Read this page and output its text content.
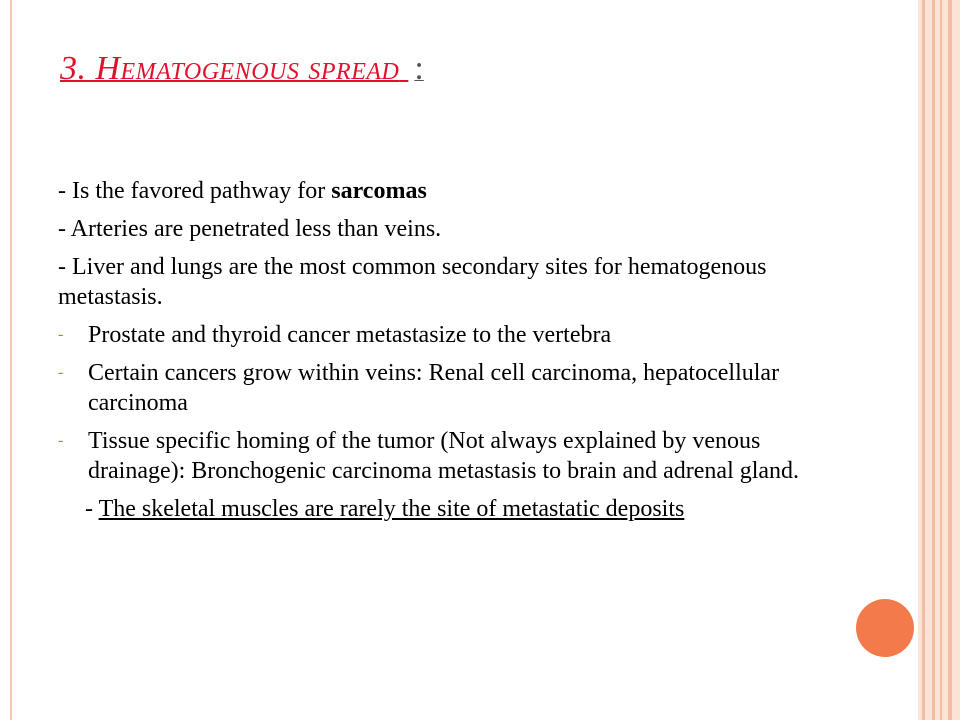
3. Hematogenous spread :

- Is the favored pathway for sarcomas

- Arteries are penetrated less than veins.

- Liver and lungs are the most common secondary sites for hematogenous metastasis.

- Prostate and thyroid cancer metastasize to the vertebra

- Certain cancers grow within veins: Renal cell carcinoma, hepatocellular carcinoma

- Tissue specific homing of the tumor (Not always explained by venous drainage): Bronchogenic carcinoma metastasis to brain and adrenal gland.

- The skeletal muscles are rarely the site of metastatic deposits
